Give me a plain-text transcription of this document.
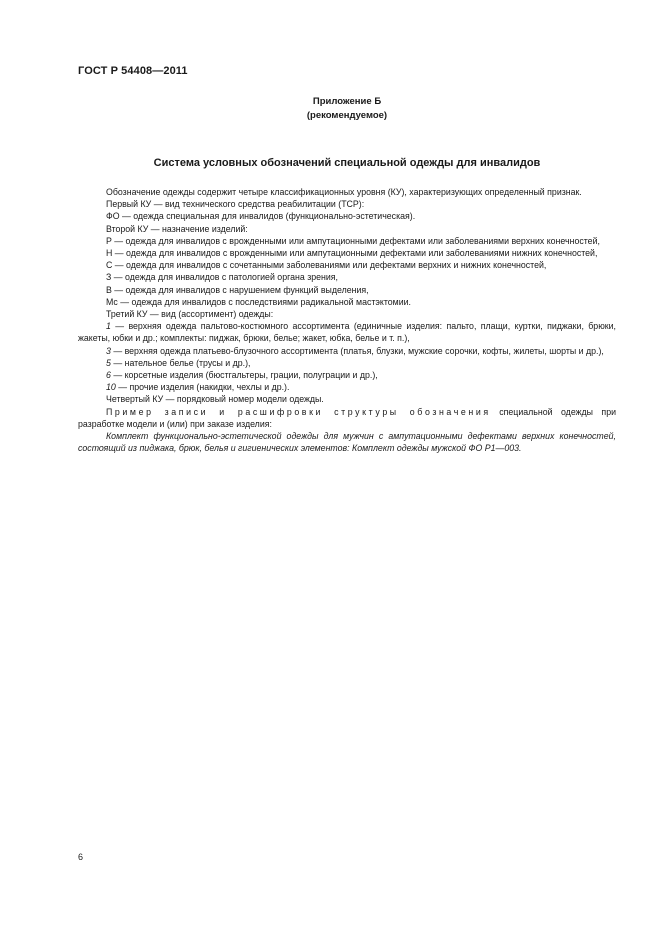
ГОСТ Р 54408—2011
Приложение Б
(рекомендуемое)
Система условных обозначений специальной одежды для инвалидов

Обозначение одежды содержит четыре классификационных уровня (КУ), характеризующих определенный признак.

Первый КУ — вид технического средства реабилитации (ТСР):

ФО — одежда специальная для инвалидов (функционально-эстетическая).

Второй КУ — назначение изделий:

Р — одежда для инвалидов с врожденными или ампутационными дефектами или заболеваниями верхних конечностей,

Н — одежда для инвалидов с врожденными или ампутационными дефектами или заболеваниями нижних конечностей,

С — одежда для инвалидов с сочетанными заболеваниями или дефектами верхних и нижних конечностей,

З — одежда для инвалидов с патологией органа зрения,

В — одежда для инвалидов с нарушением функций выделения,

Мс — одежда для инвалидов с последствиями радикальной мастэктомии.

Третий КУ — вид (ассортимент) одежды:

1 — верхняя одежда пальтово-костюмного ассортимента (единичные изделия: пальто, плащи, куртки, пиджаки, брюки, жакеты, юбки и др.; комплекты: пиджак, брюки, белье; жакет, юбка, белье и т. п.),

3 — верхняя одежда платьево-блузочного ассортимента (платья, блузки, мужские сорочки, кофты, жилеты, шорты и др.),

5 — нательное белье (трусы и др.),

6 — корсетные изделия (бюстгальтеры, грации, полуграции и др.),

10 — прочие изделия (накидки, чехлы и др.).

Четвертый КУ — порядковый номер модели одежды.

Пример записи и расшифровки структуры обозначения специальной одежды при разработке модели и (или) при заказе изделия:

Комплект функционально-эстетической одежды для мужчин с ампутационными дефектами верхних конечностей, состоящий из пиджака, брюк, белья и гигиенических элементов: Комплект одежды мужской ФО Р1—003.

6
